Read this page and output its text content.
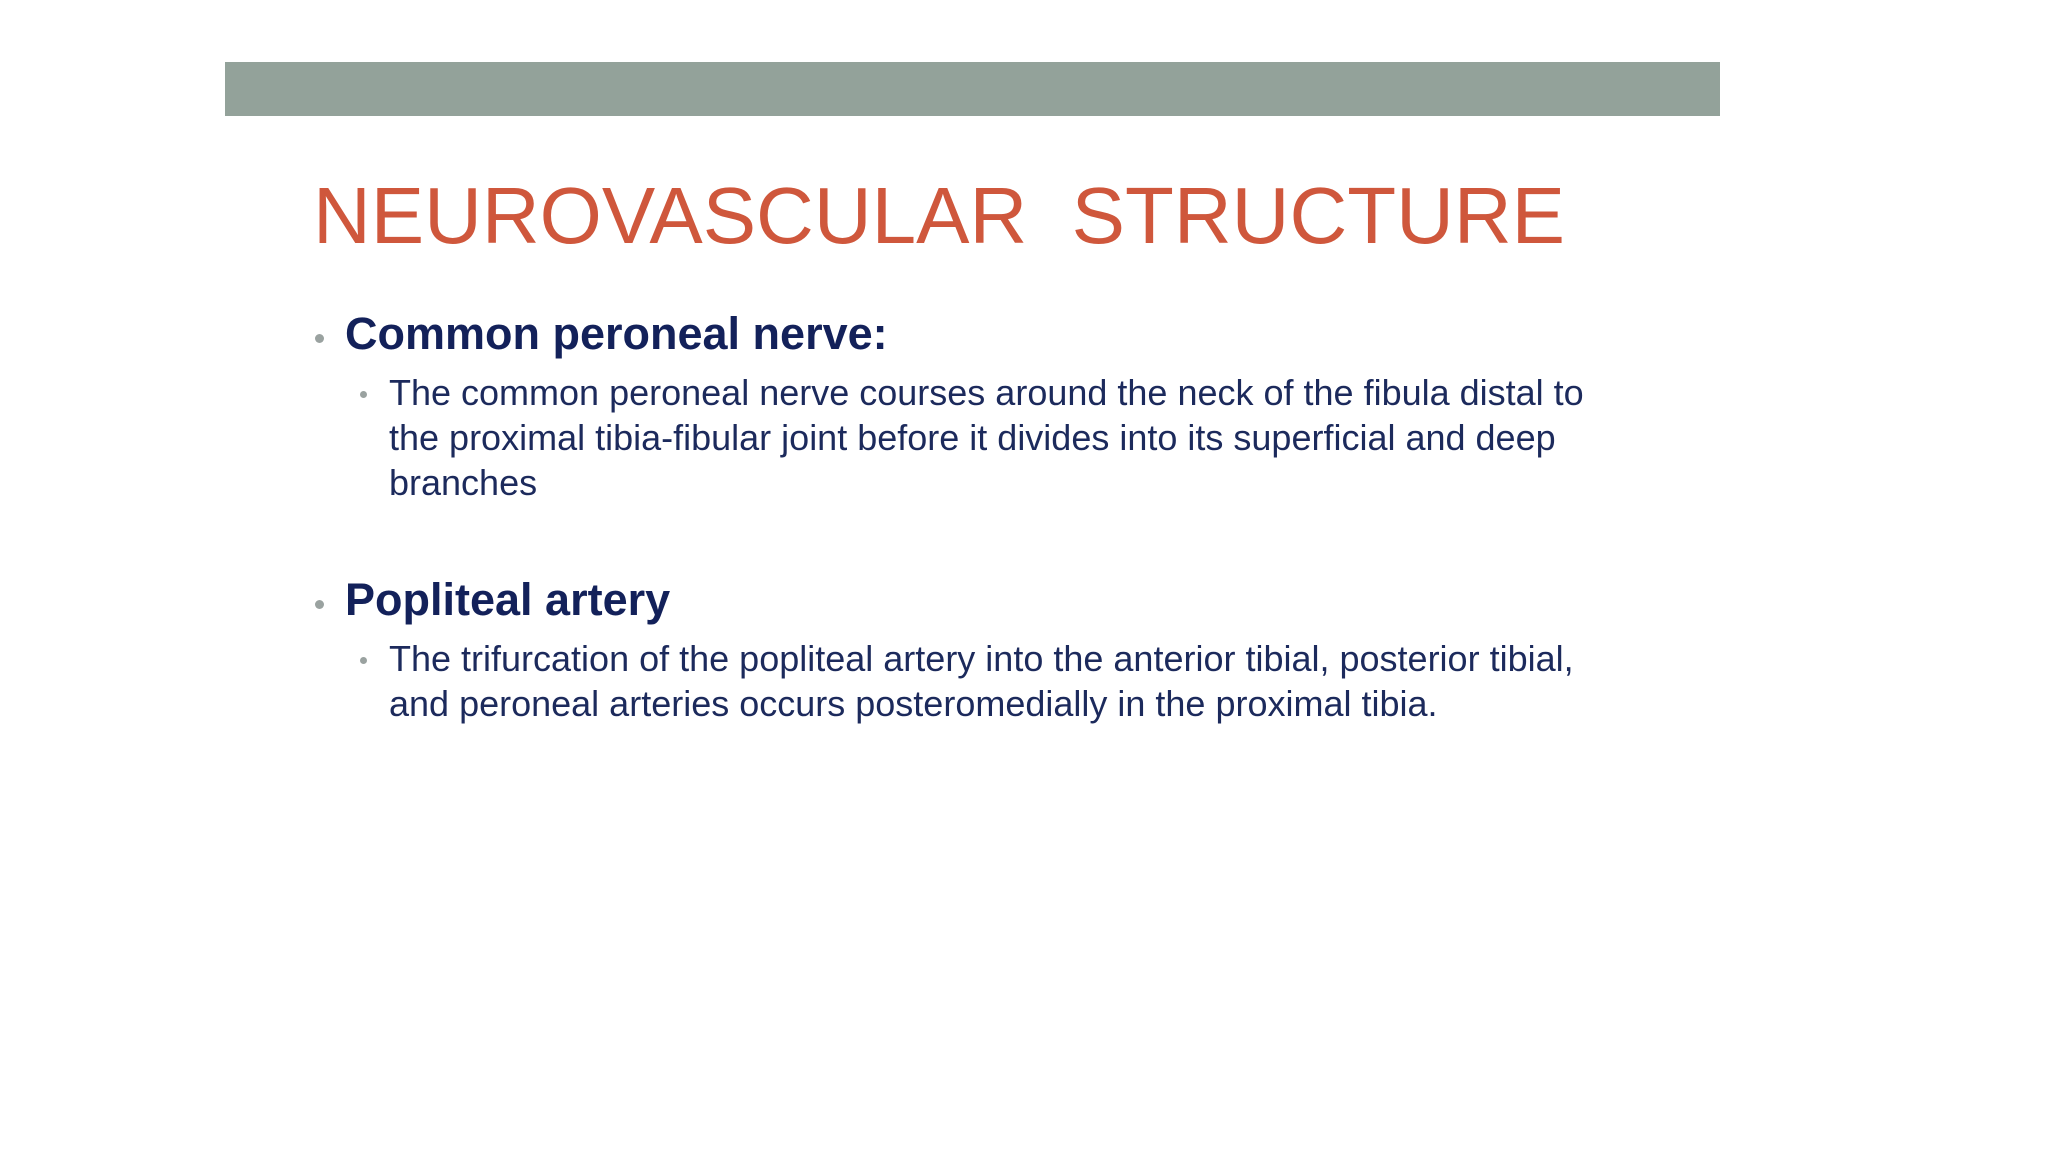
NEUROVASCULAR  STRUCTURE
Common peroneal nerve:
The common peroneal nerve courses around the neck of the fibula distal to the proximal tibia-fibular joint before it divides into its superficial and deep branches
Popliteal artery
The trifurcation of the popliteal artery into the anterior tibial, posterior tibial, and peroneal arteries occurs posteromedially in the proximal tibia.
